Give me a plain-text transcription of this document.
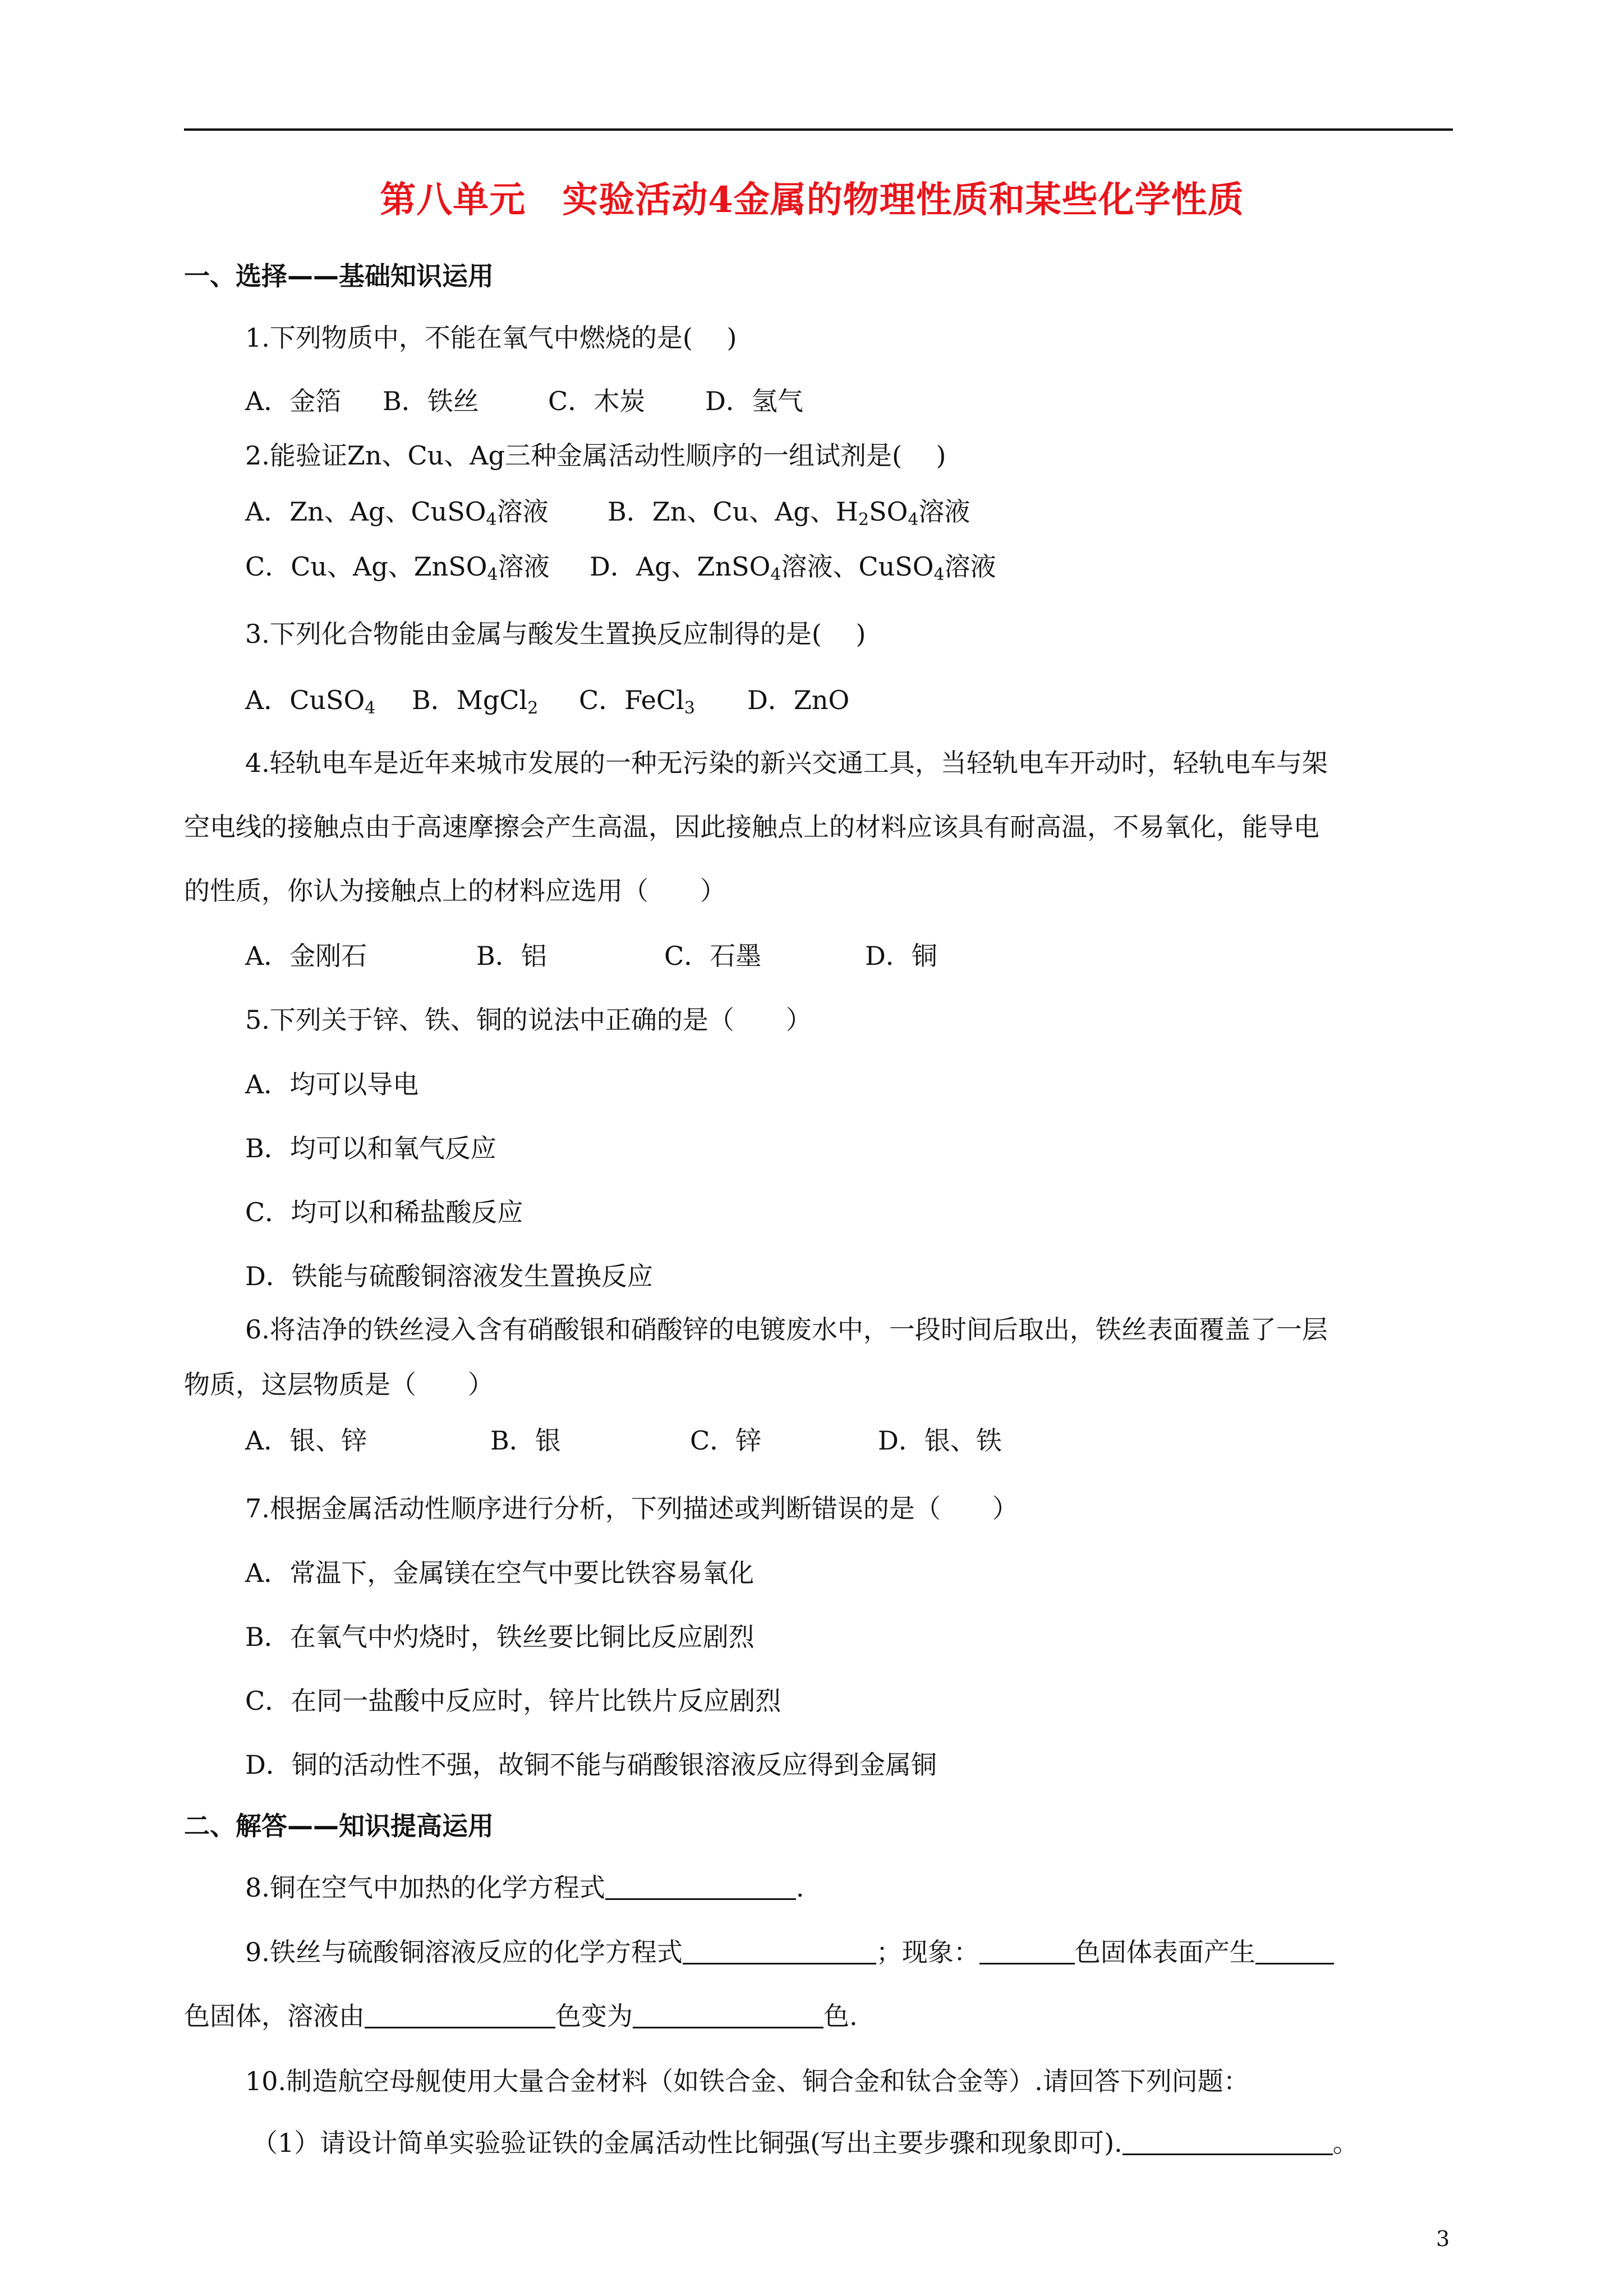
第八单元　实验活动4金属的物理性质和某些化学性质
一、选择——基础知识运用
1.下列物质中，不能在氧气中燃烧的是(　 )
A．金箔 B．铁丝	C．木炭 D．氢气
2.能验证Zn、Cu、Ag三种金属活动性顺序的一组试剂是(　 )
A．Zn、Ag、CuSO$_4$溶液 B．Zn、Cu、Ag、$H_2SO_4$溶液
C．Cu、Ag、ZnSO$_4$溶液 D．Ag、ZnSO$_4$溶液、CuSO$_4$溶液
3.下列化合物能由金属与酸发生置换反应制得的是(　 )
A．CuSO$_4$ B．MgCl$_2$ C．FeCl$_3$ D．ZnO
4.轻轨电车是近年来城市发展的一种无污染的新兴交通工具，当轻轨电车开动时，轻轨电车与架
空电线的接触点由于高速摩擦会产生高温，因此接触点上的材料应该具有耐高温，不易氧化，能导电
的性质，你认为接触点上的材料应选用（　　）
A．金刚石	B．铝	C．石墨	D．铜
5.下列关于锌、铁、铜的说法中正确的是（　　）
A．均可以导电
B．均可以和氧气反应
C．均可以和稀盐酸反应
D．铁能与硫酸铜溶液发生置换反应
6.将洁净的铁丝浸入含有硝酸银和硝酸锌的电镀废水中，一段时间后取出，铁丝表面覆盖了一层
物质，这层物质是（　　）
A．银、锌	B．银	C．锌	D．银、铁
7.根据金属活动性顺序进行分析，下列描述或判断错误的是（　　）
A．常温下，金属镁在空气中要比铁容易氧化
B．在氧气中灼烧时，铁丝要比铜比反应剧烈
C．在同一盐酸中反应时，锌片比铁片反应剧烈
D．铜的活动性不强，故铜不能与硝酸银溶液反应得到金属铜
二、解答——知识提高运用
8.铜在空气中加热的化学方程式	.
9.铁丝与硫酸铜溶液反应的化学方程式	；现象：	色固体表面产生
色固体，溶液由	色变为	色.
10.制造航空母舰使用大量合金材料（如铁合金、铜合金和钛合金等）.请回答下列问题：
（1）请设计简单实验验证铁的金属活动性比铜强(写出主要步骤和现象即可).	。
3
